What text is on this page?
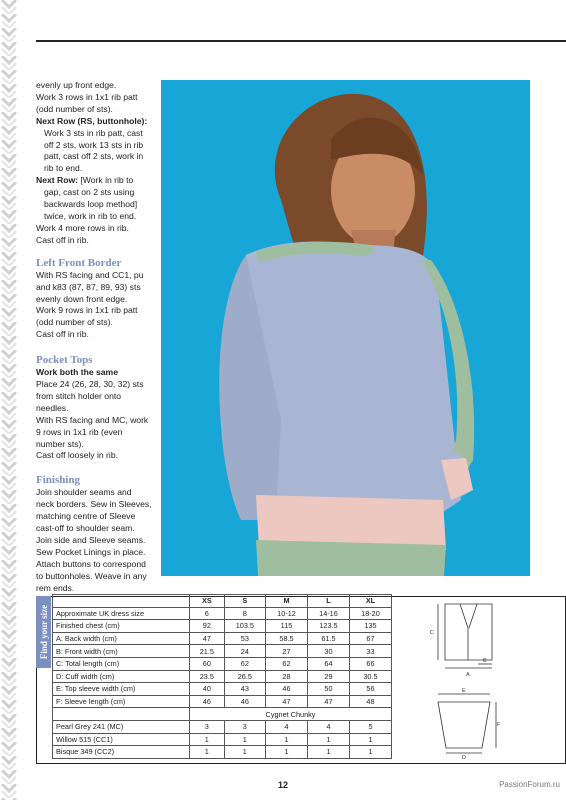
evenly up front edge.

Work 3 rows in 1x1 rib patt

(odd number of sts).

Next Row (RS, buttonhole):

Work 3 sts in rib patt, cast

off 2 sts, work 13 sts in rib

patt, cast off 2 sts, work in

rib to end.

Next Row: [Work in rib to

gap, cast on 2 sts using

backwards loop method]

twice, work in rib to end.

Work 4 more rows in rib.

Cast off in rib.

Left Front Border

With RS facing and CC1, pu

and k83 (87, 87, 89, 93) sts

evenly down front edge.

Work 9 rows in 1x1 rib patt

(odd number of sts).

Cast off in rib.

Pocket Tops

Work both the same

Place 24 (26, 28, 30, 32) sts

from stitch holder onto needles.

With RS facing and MC, work

9 rows in 1x1 rib (even

number sts).

Cast off loosely in rib.

Finishing

Join shoulder seams and

neck borders. Sew in Sleeves,

matching centre of Sleeve

cast-off to shoulder seam.

Join side and Sleeve seams.

Sew Pocket Linings in place.

Attach buttons to correspond

to buttonholes. Weave in any

rem ends.

Find your size
	XS	S	M	L	XL
Approximate UK dress size	6	8	10-12	14-16	18-20
Finished chest (cm)	92	103.5	115	123.5	135
A: Back width (cm)	47	53	58.5	61.5	67
B: Front width (cm)	21.5	24	27	30	33
C: Total length (cm)	60	62	62	64	66
D: Cuff width (cm)	23.5	26.5	28	29	30.5
E: Top sleeve width (cm)	40	43	46	50	56
F: Sleeve length (cm)	46	46	47	47	48
	Cygnet Chunky				
Pearl Grey 241 (MC)	3	3	4	4	5
Willow 515 (CC1)	1	1	1	1	1
Bisque 349 (CC2)	1	1	1	1	1
C
A
B
E
F
D
12	PassionForum.ru
